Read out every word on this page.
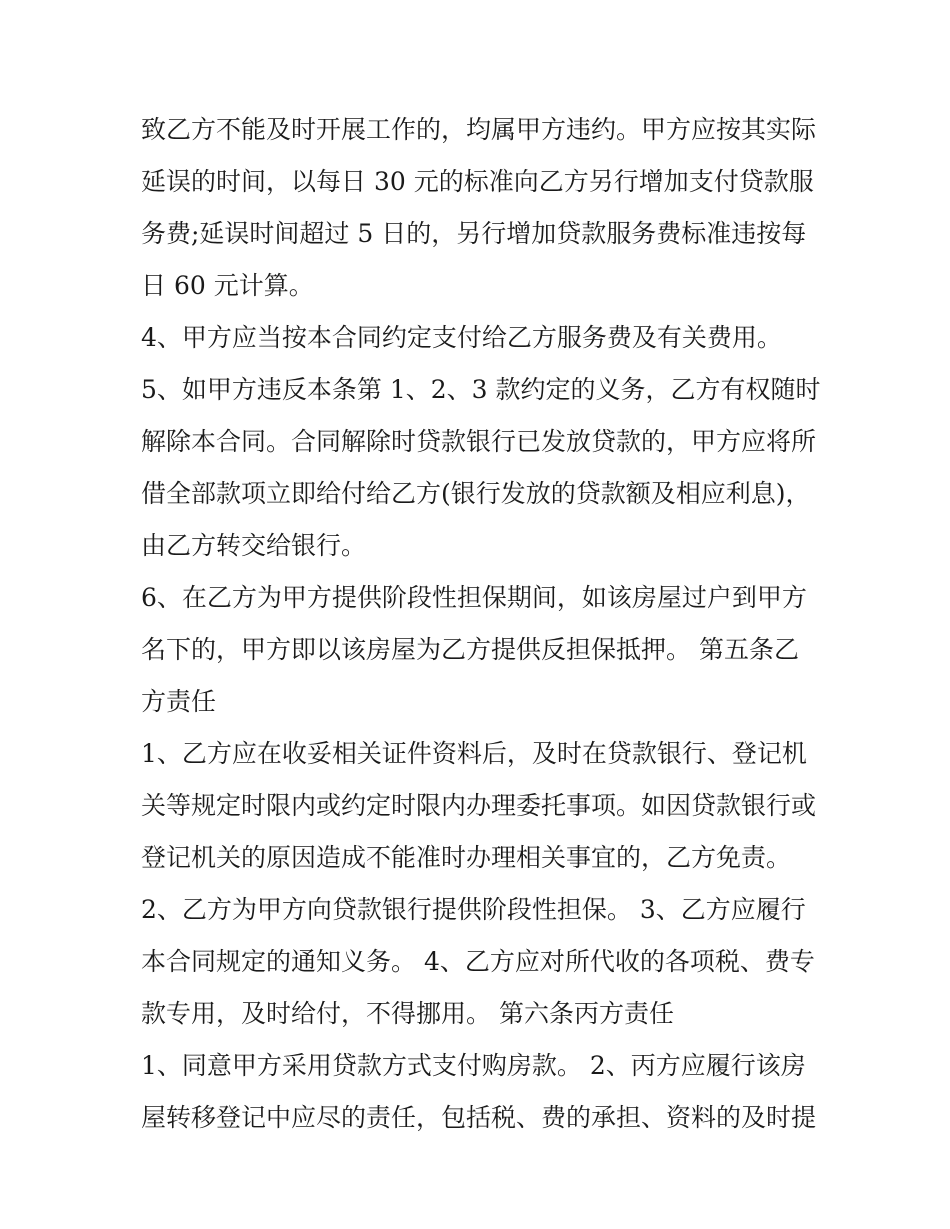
致乙方不能及时开展工作的，均属甲方违约。甲方应按其实际
延误的时间，以每日 30 元的标准向乙方另行增加支付贷款服
务费;延误时间超过 5 日的，另行增加贷款服务费标准违按每
日 60 元计算。
4、甲方应当按本合同约定支付给乙方服务费及有关费用。
5、如甲方违反本条第 1、2、3 款约定的义务，乙方有权随时
解除本合同。合同解除时贷款银行已发放贷款的，甲方应将所
借全部款项立即给付给乙方(银行发放的贷款额及相应利息)，
由乙方转交给银行。
6、在乙方为甲方提供阶段性担保期间，如该房屋过户到甲方
名下的，甲方即以该房屋为乙方提供反担保抵押。 第五条乙
方责任
1、乙方应在收妥相关证件资料后，及时在贷款银行、登记机
关等规定时限内或约定时限内办理委托事项。如因贷款银行或
登记机关的原因造成不能准时办理相关事宜的，乙方免责。
2、乙方为甲方向贷款银行提供阶段性担保。 3、乙方应履行
本合同规定的通知义务。 4、乙方应对所代收的各项税、费专
款专用，及时给付，不得挪用。 第六条丙方责任
1、同意甲方采用贷款方式支付购房款。 2、丙方应履行该房
屋转移登记中应尽的责任，包括税、费的承担、资料的及时提
